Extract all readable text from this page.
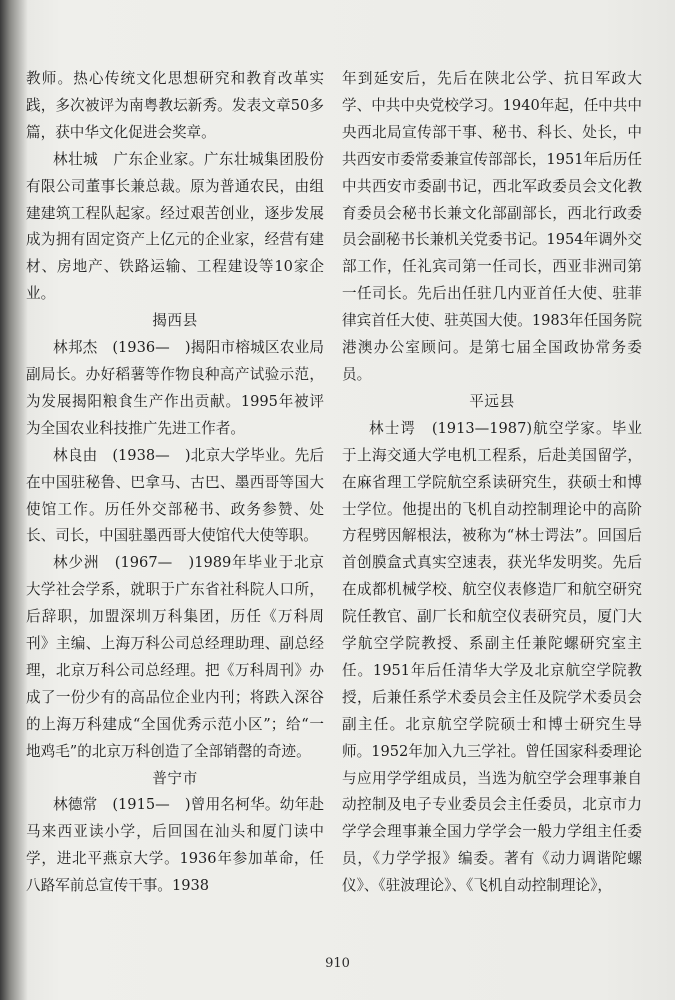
教师。热心传统文化思想研究和教育改革实践，多次被评为南粤教坛新秀。发表文章50多篇，获中华文化促进会奖章。

林壮城　广东企业家。广东壮城集团股份有限公司董事长兼总裁。原为普通农民，由组建建筑工程队起家。经过艰苦创业，逐步发展成为拥有固定资产上亿元的企业家，经营有建材、房地产、铁路运输、工程建设等10家企业。

揭西县

林邦杰　(1936—　)揭阳市榕城区农业局副局长。办好稻薯等作物良种高产试验示范，为发展揭阳粮食生产作出贡献。1995年被评为全国农业科技推广先进工作者。

林良由　(1938—　)北京大学毕业。先后在中国驻秘鲁、巴拿马、古巴、墨西哥等国大使馆工作。历任外交部秘书、政务参赞、处长、司长，中国驻墨西哥大使馆代大使等职。

林少洲　(1967—　)1989年毕业于北京大学社会学系，就职于广东省社科院人口所，后辞职，加盟深圳万科集团，历任《万科周刊》主编、上海万科公司总经理助理、副总经理，北京万科公司总经理。把《万科周刊》办成了一份少有的高品位企业内刊；将跌入深谷的上海万科建成“全国优秀示范小区”；给“一地鸡毛”的北京万科创造了全部销罄的奇迹。

普宁市

林德常　(1915—　)曾用名柯华。幼年赴马来西亚读小学，后回国在汕头和厦门读中学，进北平燕京大学。1936年参加革命，任八路军前总宣传干事。1938

年到延安后，先后在陕北公学、抗日军政大学、中共中央党校学习。1940年起，任中共中央西北局宣传部干事、秘书、科长、处长，中共西安市委常委兼宣传部部长，1951年后历任中共西安市委副书记，西北军政委员会文化教育委员会秘书长兼文化部副部长，西北行政委员会副秘书长兼机关党委书记。1954年调外交部工作，任礼宾司第一任司长，西亚非洲司第一任司长。先后出任驻几内亚首任大使、驻菲律宾首任大使、驻英国大使。1983年任国务院港澳办公室顾问。是第七届全国政协常务委员。

平远县

林士谔　(1913—1987)航空学家。毕业于上海交通大学电机工程系，后赴美国留学，在麻省理工学院航空系读研究生，获硕士和博士学位。他提出的飞机自动控制理论中的高阶方程劈因解根法，被称为“林士谔法”。回国后首创膜盒式真实空速表，获光华发明奖。先后在成都机械学校、航空仪表修造厂和航空研究院任教官、副厂长和航空仪表研究员，厦门大学航空学院教授、系副主任兼陀螺研究室主任。1951年后任清华大学及北京航空学院教授，后兼任系学术委员会主任及院学术委员会副主任。北京航空学院硕士和博士研究生导师。1952年加入九三学社。曾任国家科委理论与应用学学组成员，当选为航空学会理事兼自动控制及电子专业委员会主任委员，北京市力学学会理事兼全国力学学会一般力学组主任委员，《力学学报》编委。著有《动力调谐陀螺仪》、《驻波理论》、《飞机自动控制理论》，

910
